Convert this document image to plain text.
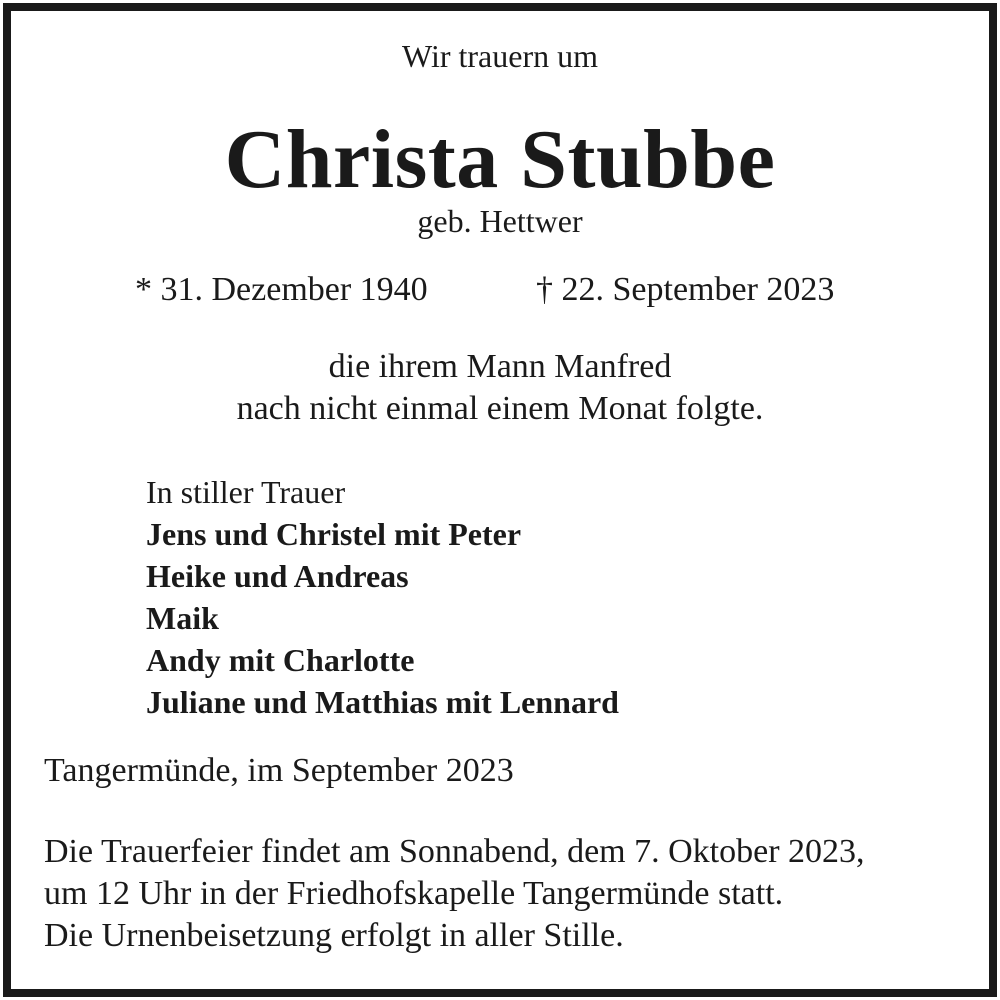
Wir trauern um
Christa Stubbe
geb. Hettwer
* 31. Dezember 1940	† 22. September 2023
die ihrem Mann Manfred
nach nicht einmal einem Monat folgte.
In stiller Trauer
Jens und Christel mit Peter
Heike und Andreas
Maik
Andy mit Charlotte
Juliane und Matthias mit Lennard
Tangermünde, im September 2023
Die Trauerfeier findet am Sonnabend, dem 7. Oktober 2023,
um 12 Uhr in der Friedhofskapelle Tangermünde statt.
Die Urnenbeisetzung erfolgt in aller Stille.
